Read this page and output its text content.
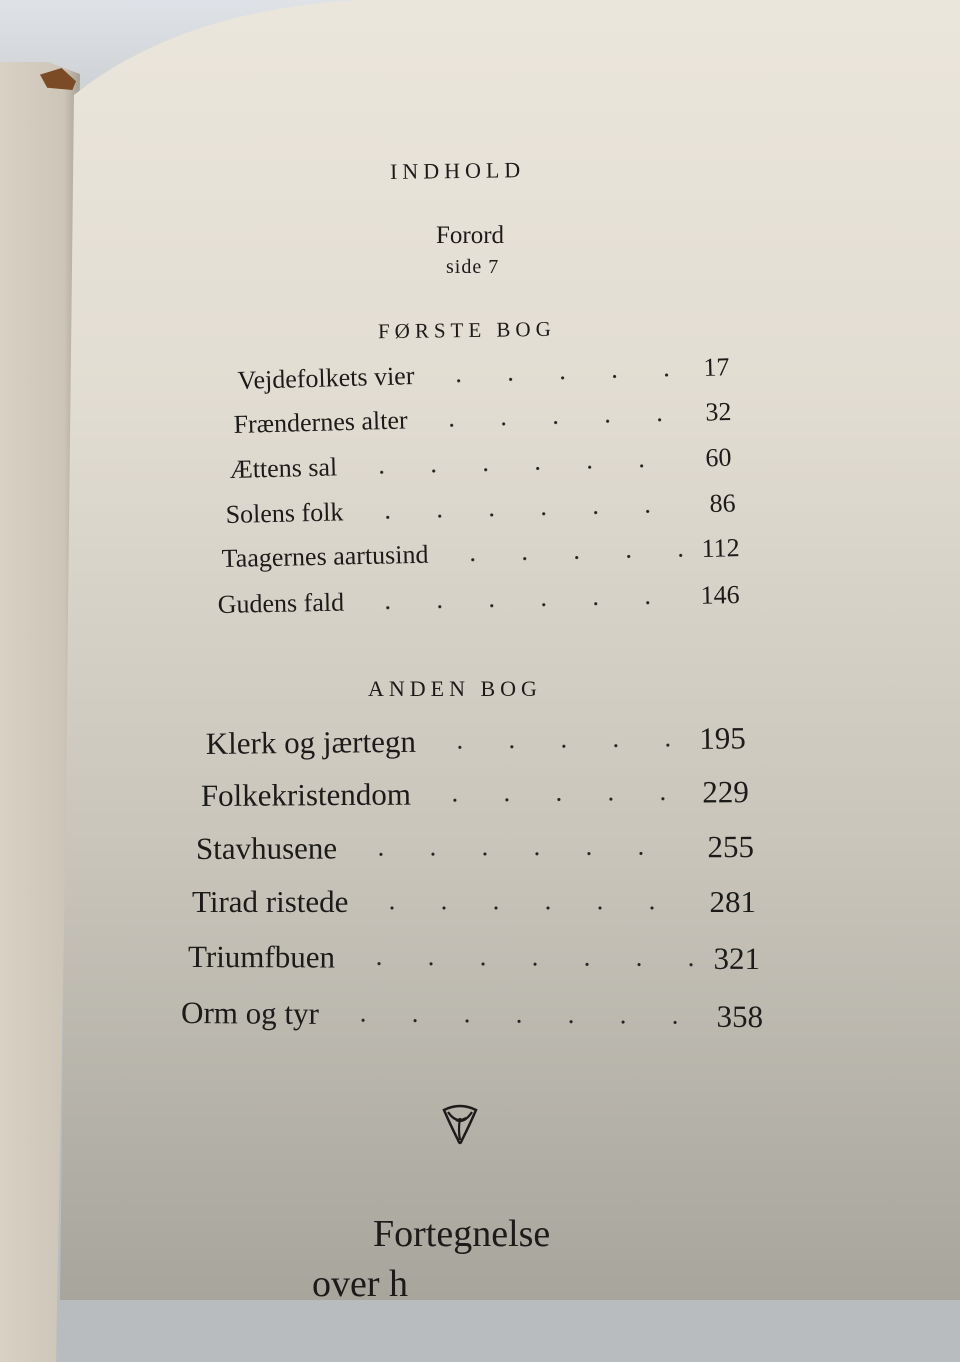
INDHOLD
Forord
side 7
FØRSTE BOG
Vejdefolkets vier	17
Frændernes alter	32
Ættens sal	60
Solens folk	86
Taagernes aartusind	112
Gudens fald	146
ANDEN BOG
Klerk og jærtegn	195
Folkekristendom	229
Stavhusene	255
Tirad ristede	281
Triumfbuen	321
Orm og tyr	358
Fortegnelse
over h
